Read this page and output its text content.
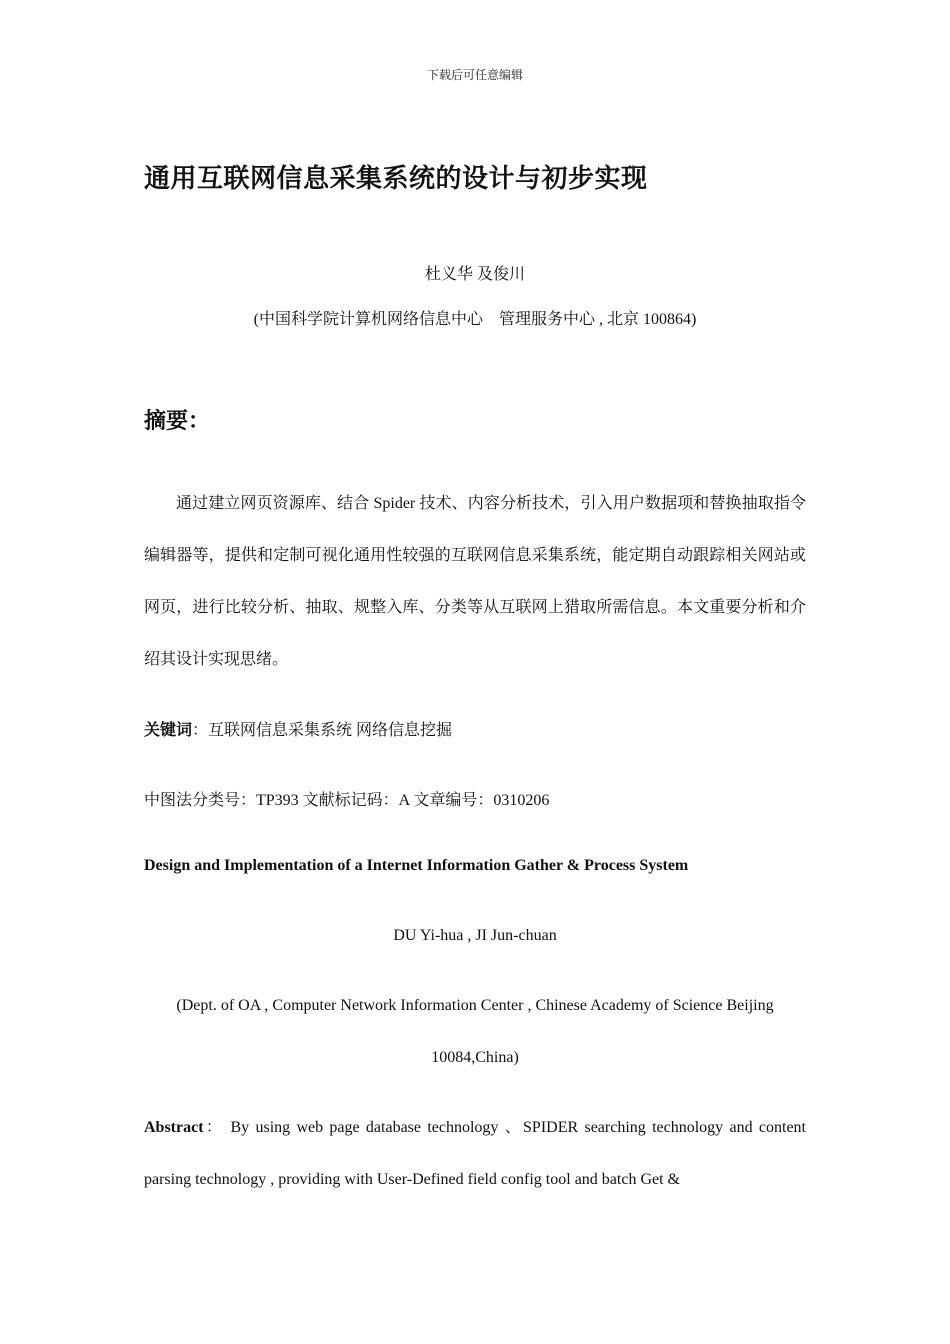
下载后可任意编辑
通用互联网信息采集系统的设计与初步实现
杜义华 及俊川
(中国科学院计算机网络信息中心　管理服务中心 , 北京 100864)
摘要：
通过建立网页资源库、结合 Spider 技术、内容分析技术，引入用户数据项和替换抽取指令编辑器等，提供和定制可视化通用性较强的互联网信息采集系统，能定期自动跟踪相关网站或网页，进行比较分析、抽取、规整入库、分类等从互联网上猎取所需信息。本文重要分析和介绍其设计实现思绪。
关键词：互联网信息采集系统 网络信息挖掘
中图法分类号：TP393 文献标记码：A 文章编号：0310206
Design and Implementation of a Internet Information Gather & Process System
DU Yi-hua , JI Jun-chuan
(Dept. of OA , Computer Network Information Center , Chinese Academy of Science Beijing 10084,China)
Abstract： By using web page database technology 、SPIDER searching technology and content parsing technology , providing with User-Defined field config tool and batch Get &
